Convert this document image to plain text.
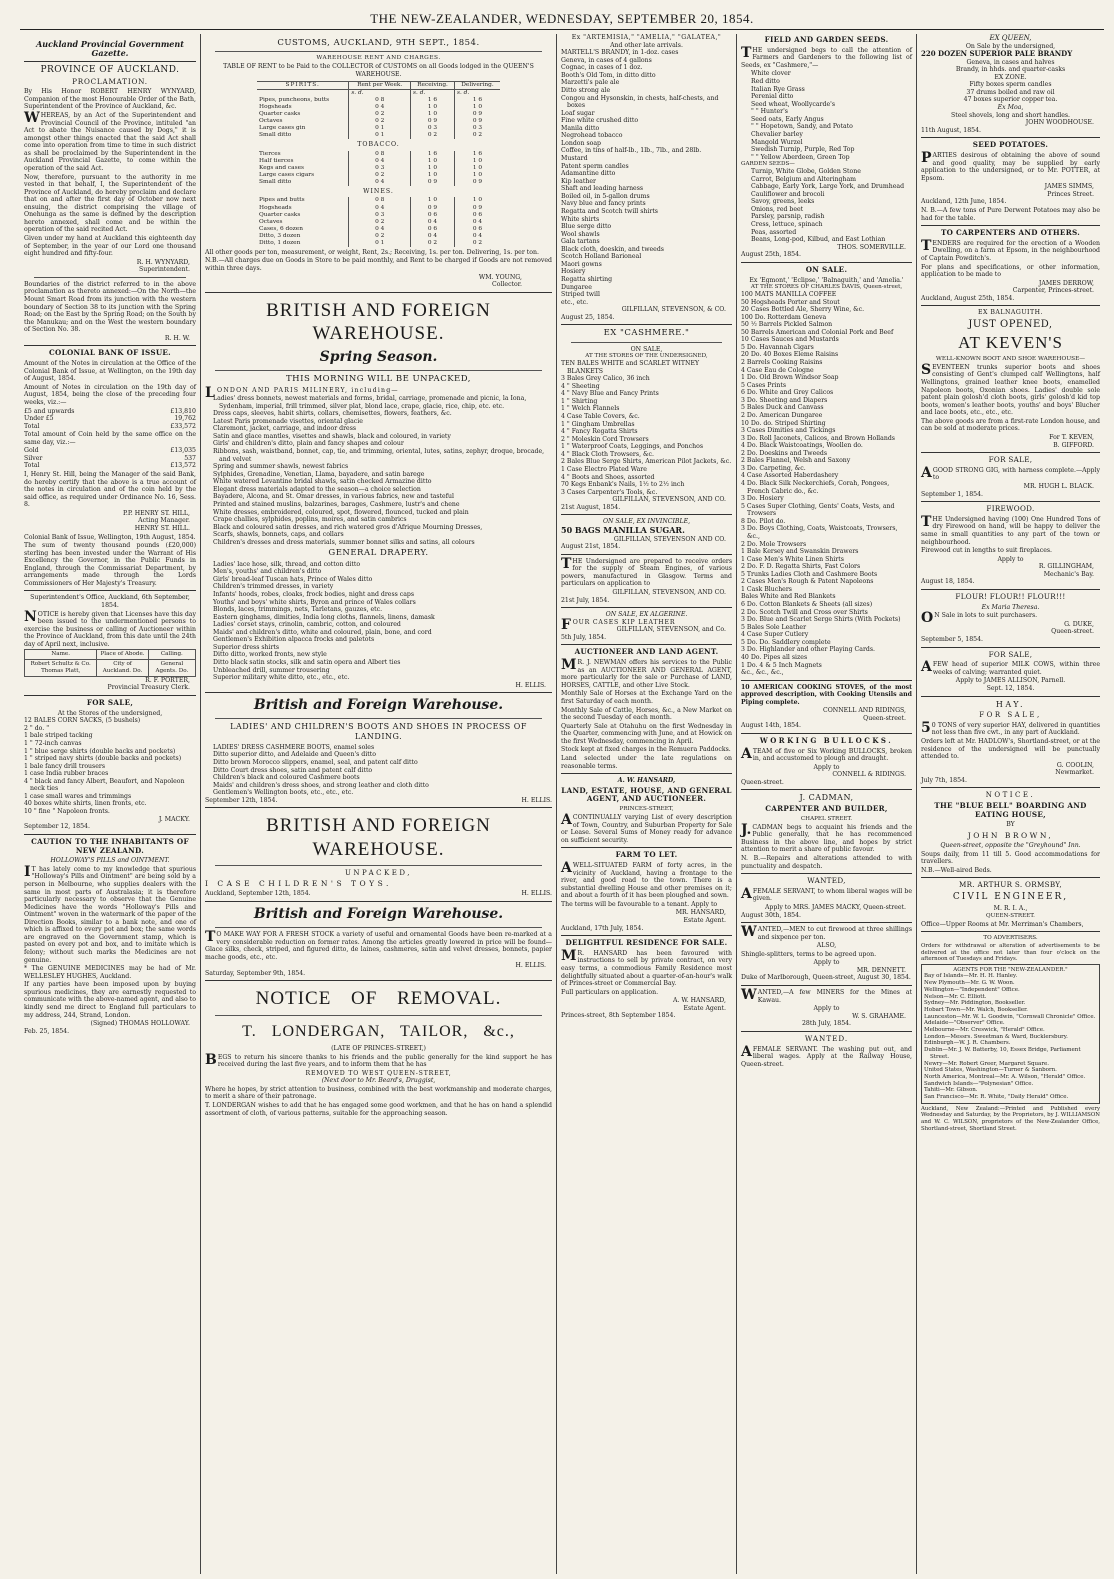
THE NEW-ZEALANDER, WEDNESDAY, SEPTEMBER 20, 1854.
Auckland Provincial Government Gazette.
PROVINCE OF AUCKLAND.
PROCLAMATION.

By His Honor ROBERT HENRY WYNYARD, Companion of the most Honourable Order of the Bath, Superintendent of the Province of Auckland, &c.

WHEREAS, by an Act of the Superintendent and Provincial Council of the Province, intituled "an Act to abate the Nuisance caused by Dogs," it is amongst other things enacted that the said Act shall come into operation from time to time in such district as shall be proclaimed by the Superintendent in the Auckland Provincial Gazette, to come within the operation of the said Act.

Now, therefore, pursuant to the authority in me vested in that behalf, I, the Superintendent of the Province of Auckland, do hereby proclaim and declare that on and after the first day of October now next ensuing, the district comprising the village of Onehunga as the same is defined by the description hereto annexed, shall come and be within the operation of the said recited Act.

Given under my hand at Auckland this eighteenth day of September, in the year of our Lord one thousand eight hundred and fifty-four.

R. H. WYNYARD,
Superintendent.

Boundaries of the district referred to in the above proclamation as thereto annexed:—On the North—the Mount Smart Road from its junction with the western boundary of Section 38 to its junction with the Spring Road; on the East by the Spring Road; on the South by the Manukau; and on the West the western boundary of Section No. 38.

R. H. W.
COLONIAL BANK OF ISSUE.

Amount of the Notes in circulation at the Office of the Colonial Bank of Issue, at Wellington, on the 19th day of August, 1854.

Amount of Notes in circulation on the 19th day of August, 1854, being the close of the preceding four weeks, viz.:—

£5 and upwards	£13,810
Under £5	19,762
Total	£33,572

Total amount of Coin held by the same office on the same day, viz.:—

Gold	£13,035
Silver	537
Total	£13,572

I, Henry St. Hill, being the Manager of the said Bank, do hereby certify that the above is a true account of the notes in circulation and of the coin held by the said office, as required under Ordinance No. 16, Sess. 8.

P.P. HENRY ST. HILL,
Acting Manager.
HENRY ST. HILL.

Colonial Bank of Issue, Wellington, 19th August, 1854.

The sum of twenty thousand pounds (£20,000) sterling has been invested under the Warrant of His Excellency the Governor, in the Public Funds in England, through the Commissariat Department, by arrangements made through the Lords Commissioners of Her Majesty's Treasury.

Superintendent's Office, Auckland, 6th September, 1854.

NOTICE is hereby given that Licenses have this day been issued to the undermentioned persons to exercise the business or calling of Auctioneer within the Province of Auckland, from this date until the 24th day of April next, inclusive.

Name.	Place of Abode.	Calling.
Robert Schultz & Co. Thomas Platt,	City of Auckland. Do.	General Agents. Do.
R. F. PORTER,
Provincial Treasury Clerk.
FOR SALE,
At the Stores of the undersigned,
12 BALES CORN SACKS, (5 bushels)
2 " do. "
1 bale striped tacking
1 " 72-inch canvas
1 " blue serge shirts (double backs and pockets)
1 " striped navy shirts (double backs and pockets)
1 bale fancy drill trousers
1 case India rubber braces
4 " black and fancy Albert, Beaufort, and Napoleon neck ties
1 case small wares and trimmings
40 boxes white shirts, linen fronts, etc.
10 " fine " Napoleon fronts.
J. MACKY.
September 12, 1854.
CAUTION TO THE INHABITANTS OF NEW ZEALAND.
HOLLOWAY'S PILLS and OINTMENT.

IT has lately come to my knowledge that spurious "Holloway's Pills and Ointment" are being sold by a person in Melbourne, who supplies dealers with the same in most parts of Australasia; it is therefore particularly necessary to observe that the Genuine Medicines have the words "Holloway's Pills and Ointment" woven in the watermark of the paper of the Direction Books, similar to a bank note, and one of which is affixed to every pot and box; the same words are engraved on the Government stamp, which is pasted on every pot and box, and to imitate which is felony; without such marks the Medicines are not genuine.

* The GENUINE MEDICINES may be had of Mr. WELLESLEY HUGHES, Auckland.

If any parties have been imposed upon by buying spurious medicines, they are earnestly requested to communicate with the above-named agent, and also to kindly send me direct to England full particulars to my address, 244, Strand, London.

(Signed) THOMAS HOLLOWAY.
Feb. 25, 1854.
CUSTOMS, AUCKLAND, 9TH SEPT., 1854.
WAREHOUSE RENT AND CHARGES.

TABLE OF RENT to be Paid to the COLLECTOR of CUSTOMS on all Goods lodged in the QUEEN'S WAREHOUSE.

SPIRITS.	Rent per Week.	Receiving.	Delivering.
	s. d.	s. d.	s. d.
Pipes, puncheons, butts	0 8	1 6	1 6
Hogsheads	0 4	1 0	1 0
Quarter casks	0 2	1 0	0 9
Octaves	0 2	0 9	0 9
Large cases gin	0 1	0 3	0 3
Small ditto	0 1	0 2	0 2
TOBACCO.			
Tierces	0 8	1 6	1 6
Half tierces	0 4	1 0	1 0
Kegs and cases	0 3	1 0	1 0
Large cases cigars	0 2	1 0	1 0
Small ditto	0 4	0 9	0 9
WINES.			
Pipes and butts	0 8	1 0	1 0
Hogsheads	0 4	0 9	0 9
Quarter casks	0 3	0 6	0 6
Octaves	0 2	0 4	0 4
Cases, 6 dozen	0 4	0 6	0 6
Ditto, 3 dozen	0 2	0 4	0 4
Ditto, 1 dozen	0 1	0 2	0 2

All other goods per ton, measurement, or weight, Rent, 2s.; Receiving, 1s. per ton. Delivering, 1s. per ton.

N.B.—All charges due on Goods in Store to be paid monthly, and Rent to be charged if Goods are not removed within three days.

WM. YOUNG,
Collector.
BRITISH AND FOREIGN WAREHOUSE.
Spring Season.
THIS MORNING WILL BE UNPACKED,

LONDON AND PARIS MILINERY, including—

Ladies' dress bonnets, newest materials and forms, bridal, carriage, promenade and picnic, la Iona, Sydenham, imperial, frill trimmed, silver plat, blond lace, crape, glacie, rice, chip, etc. etc.
Dress caps, sleeves, habit shirts, collars, chemisettes, flowers, feathers, &c.
Latest Paris promenade visettes, oriental glacie
Claremont, jacket, carriage, and indoor dress
Satin and glace mantles, visettes and shawls, black and coloured, in variety
Girls' and children's ditto, plain and fancy shapes and colour
Ribbons, sash, waistband, bonnet, cap, tie, and trimming, oriental, lutes, satins, zephyr, droque, brocade, and velvet
Spring and summer shawls, newest fabrics
Sylphides, Grenadine, Venetian, Llama, bayadere, and satin barege
White watered Levantine bridal shawls, satin checked Armazine ditto
Elegant dress materials adapted to the season—a choice selection
Bayadere, Alcona, and St. Omar dresses, in various fabrics, new and tasteful
Printed and stained muslins, balzarines, barages, Cashmere, lustr's and chene
White dresses, embroidered, coloured, spot, flowered, flounced, tucked and plain
Crape challies, sylphides, poplins, moires, and satin cambrics
Black and coloured satin dresses, and rich watered gros d'Afrique Mourning Dresses,
Scarfs, shawls, bonnets, caps, and collars
Children's dresses and dress materials, summer bonnet silks and satins, all colours
GENERAL DRAPERY.
Ladies' lace hose, silk, thread, and cotton ditto
Men's, youths' and children's ditto
Girls' bread-leaf Tuscan hats, Prince of Wales ditto
Children's trimmed dresses, in variety
Infants' hoods, robes, cloaks, frock bodies, night and dress caps
Youths' and boys' white shirts, Byron and prince of Wales collars
Blonds, laces, trimmings, nets, Tarletans, gauzes, etc.
Eastern ginghams, dimities, India long cloths, flannels, linens, damask
Ladies' corset stays, crinolin, cambric, cotton, and coloured
Maids' and children's ditto, white and coloured, plain, bone, and cord
Gentlemen's Exhibition alpacca frocks and paletots
Superior dress shirts
Ditto ditto, worked fronts, new style
Ditto black satin stocks, silk and satin opera and Albert ties
Unbleached drill, summer trousering
Superior military white ditto, etc., etc., etc.
H. ELLIS.
British and Foreign Warehouse.
LADIES' AND CHILDREN'S BOOTS AND SHOES IN PROCESS OF LANDING.
LADIES' DRESS CASHMERE BOOTS, enamel soles
Ditto superior ditto, and Adelaide and Queen's ditto
Ditto brown Morocco slippers, enamel, seal, and patent calf ditto
Ditto Court dress shoes, satin and patent calf ditto
Children's black and coloured Cashmere boots
Maids' and children's dress shoes, and strong leather and cloth ditto
Gentlemen's Wellington boots, etc., etc., etc.
September 12th, 1854.	H. ELLIS.
BRITISH AND FOREIGN WAREHOUSE.
UNPACKED,
I CASE CHILDREN'S TOYS.
Auckland, September 12th, 1854.	H. ELLIS.
British and Foreign Warehouse.

TO MAKE WAY FOR A FRESH STOCK a variety of useful and ornamental Goods have been re-marked at a very considerable reduction on former rates. Among the articles greatly lowered in price will be found—Glace silks, check, striped, and figured ditto, de laines, cashmeres, satin and velvet dresses, bonnets, papier mache goods, etc., etc.

H. ELLIS.
Saturday, September 9th, 1854.
NOTICE OF REMOVAL.
T. LONDERGAN, TAILOR, &c.,
(LATE OF PRINCES-STREET,)

BEGS to return his sincere thanks to his friends and the public generally for the kind support he has received during the last five years, and to inform them that he has

REMOVED TO WEST QUEEN-STREET,
(Next door to Mr. Beard's, Druggist,

Where he hopes, by strict attention to business, combined with the best workmanship and moderate charges, to merit a share of their patronage.

T. LONDERGAN wishes to add that he has engaged some good workmen, and that he has on hand a splendid assortment of cloth, of various patterns, suitable for the approaching season.

Ex "ARTEMISIA," "AMELIA," "GALATEA,"
And other late arrivals.
MARTELL'S BRANDY, in 1-doz. cases
Geneva, in cases of 4 gallons
Cognac, in cases of 1 doz.
Booth's Old Tom, in ditto ditto
Marzetti's pale ale
Ditto strong ale
Congou and Hysonskin, in chests, half-chests, and boxes
Loaf sugar
Fine white crushed ditto
Manila ditto
Negrohead tobacco
London soap
Coffee, in tins of half-lb., 1lb., 7lb., and 28lb.
Mustard
Patent sperm candles
Adamantine ditto
Kip leather
Shaft and leading harness
Boiled oil, in 5-gallon drums
Navy blue and fancy prints
Regatta and Scotch twill shirts
White shirts
Blue serge ditto
Wool shawls
Gala tartans
Black cloth, doeskin, and tweeds
Scotch Holland Barioneal
Maori gowns
Hosiery
Regatta shirting
Dungaree
Striped twill
etc., etc.
GILFILLAN, STEVENSON, & CO.
August 25, 1854.
EX "CASHMERE."
ON SALE,
AT THE STORES OF THE UNDERSIGNED,
TEN BALES WHITE and SCARLET WITNEY BLANKETS
3 Bales Grey Calico, 36 inch
4 " Sheeting
4 " Navy Blue and Fancy Prints
1 " Shirting
1 " Welch Flannels
4 Case Table Covers, &c.
1 " Gingham Umbrellas
4 " Fancy Regatta Shirts
2 " Moleskin Cord Trowsers
1 " Waterproof Coats, Leggings, and Ponchos
4 " Black Cloth Trowsers, &c.
2 Bales Blue Serge Shirts, American Pilot Jackets, &c.
1 Case Electro Plated Ware
4 " Boots and Shoes, assorted
70 Kegs Enbank's Nails, 1½ to 2½ inch
3 Cases Carpenter's Tools, &c.
GILFILLAN, STEVENSON, AND CO.
21st August, 1854.
ON SALE, EX INVINCIBLE,
50 BAGS MANILLA SUGAR.
GILFILLAN, STEVENSON AND CO.
August 21st, 1854.

THE Undersigned are prepared to receive orders for the supply of Steam Engines, of various powers, manufactured in Glasgow. Terms and particulars on application to

GILFILLAN, STEVENSON, AND CO.
21st July, 1854.
ON SALE, EX ALGERINE.
FOUR CASES KIP LEATHER
GILFILLAN, STEVENSON, and Co.
5th July, 1854.
AUCTIONEER AND LAND AGENT.

MR. J. NEWMAN offers his services to the Public as an AUCTIONEER AND GENERAL AGENT, more particularly for the sale or Purchase of LAND, HORSES, CATTLE, and other Live Stock.

Monthly Sale of Horses at the Exchange Yard on the first Saturday of each month.

Monthly Sale of Cattle, Horses, &c., a New Market on the second Tuesday of each month.

Quarterly Sale at Otahuhu on the first Wednesday in the Quarter, commencing with June, and at Howick on the first Wednesday, commencing in April.

Stock kept at fixed charges in the Remuera Paddocks.

Land selected under the late regulations on reasonable terms.

A. W. HANSARD,
LAND, ESTATE, HOUSE, AND GENERAL AGENT, AND AUCTIONEER.
PRINCES-STREET,

ACONTINUALLY varying List of every description of Town, Country, and Suburban Property for Sale or Lease. Several Sums of Money ready for advance on sufficient security.

FARM TO LET.

AWELL-SITUATED FARM of forty acres, in the vicinity of Auckland, having a frontage to the river, and good road to the town. There is a substantial dwelling House and other premises on it; and about a fourth of it has been ploughed and sown.

The terms will be favourable to a tenant. Apply to

MR. HANSARD,
Estate Agent.
Auckland, 17th July, 1854.
DELIGHTFUL RESIDENCE FOR SALE.

MR. HANSARD has been favoured with instructions to sell by private contract, on very easy terms, a commodious Family Residence most delightfully situated about a quarter-of-an-hour's walk of Princes-street or Commercial Bay.

Full particulars on application.

A. W. HANSARD,
Estate Agent.
Princes-street, 8th September 1854.
FIELD AND GARDEN SEEDS.

THE undersigned begs to call the attention of Farmers and Gardeners to the following list of Seeds, ex "Cashmere,"—

White clover
Red ditto
Italian Rye Grass
Perenial ditto
Seed wheat, Woollycarde's
" " Hunter's
Seed oats, Early Angus
" " Hopetown, Sandy, and Potato
Chevalier barley
Mangold Wurzel
Swedish Turnip, Purple, Red Top
" " Yellow Aberdeen, Green Top
GARDEN SEEDS—
Turnip, White Globe, Golden Stone
Carrot, Belgium and Alteringham
Cabbage, Early York, Large York, and Drumhead
Cauliflower and brocoli
Savoy, greens, leeks
Onions, red beet
Parsley, parsnip, radish
Cress, lettuce, spinach
Peas, assorted
Beans, Long-pod, Kilbud, and East Lothian
THOS. SOMERVILLE.
August 25th, 1854.
ON SALE.
Ex 'Egmont,' 'Eclipse,' 'Balnaguith,' and 'Amelia.'
AT THE STORES OF CHARLES DAVIS, Queen-street,
100 MATS MANILLA COFFEE
50 Hogsheads Porter and Stout
20 Cases Bottled Ale, Sherry Wine, &c.
100 Do. Rotterdam Geneva
50 ½ Barrels Pickled Salmon
50 Barrels American and Colonial Pork and Beef
10 Cases Sauces and Mustards
5 Do. Havannah Cigars
20 Do. 40 Boxes Eleme Raisins
2 Barrels Cooking Raisins
4 Case Eau de Cologne
1 Do. Old Brown Windsor Soap
5 Cases Prints
6 Do. White and Grey Calicos
3 Do. Sheeting and Diapers
5 Bales Duck and Canvass
2 Do. American Dungaree
10 Do. do. Striped Shirting
3 Cases Dimities and Tickings
3 Do. Roll Jaconets, Calicos, and Brown Hollands
4 Do. Black Waistcoatings, Woollen do.
2 Do. Doeskins and Tweeds
2 Bales Flannel, Welsh and Saxony
3 Do. Carpeting, &c.
4 Case Assorted Haberdashery
4 Do. Black Silk Neckerchiefs, Corah, Pongees, French Cabric do., &c.
3 Do. Hosiery
5 Cases Super Clothing, Gents' Coats, Vests, and Trowsers
8 Do. Pilot do.
3 Do. Boys Clothing, Coats, Waistcoats, Trowsers, &c.,
2 Do. Mole Trowsers
1 Bale Kersey and Swanskin Drawers
1 Case Men's White Linen Shirts
2 Do. F. D. Regatta Shirts, Fast Colors
5 Trunks Ladies Cloth and Cashmere Boots
2 Cases Men's Rough & Patent Napoleons
1 Cask Bluchers
Bales White and Red Blankets
6 Do. Cotton Blankets & Sheets (all sizes)
2 Do. Scotch Twill and Cross over Shirts
3 Do. Blue and Scarlet Serge Shirts (With Pockets)
5 Bales Sole Leather
4 Case Super Cutlery
5 Do. Do. Saddlery complete
3 Do. Highlander and other Playing Cards.
40 Do. Pipes all sizes
1 Do. 4 & 5 Inch Magnets
&c., &c., &c.,

10 AMERICAN COOKING STOVES, of the most approved description, with Cooking Utensils and Piping complete.

CONNELL AND RIDINGS,
Queen-street.
August 14th, 1854.
WORKING BULLOCKS.

ATEAM of five or Six Working BULLOCKS, broken in, and accustomed to plough and draught.

Apply to
CONNELL & RIDINGS.
Queen-street.
J. CADMAN,
CARPENTER AND BUILDER,
CHAPEL STREET.

J.CADMAN begs to acquaint his friends and the Public generally, that he has recommenced Business in the above line, and hopes by strict attention to merit a share of public favour.

N. B.—Repairs and alterations attended to with punctuality and despatch.

WANTED,

AFEMALE SERVANT, to whom liberal wages will be given.

Apply to MRS. JAMES MACKY, Queen-street.
August 30th, 1854.

WANTED,—MEN to cut firewood at three shillings and sixpence per ton.

ALSO,

Shingle-splitters, terms to be agreed upon.

Apply to
MR. DENNETT.
Duke of Marlborough, Queen-street, August 30, 1854.

WANTED,—A few MINERS for the Mines at Kawau.

Apply to
W. S. GRAHAME.
28th July, 1854.
WANTED.

AFEMALE SERVANT. The washing put out, and liberal wages. Apply at the Railway House, Queen-street.

EX QUEEN,
On Sale by the undersigned,
220 DOZEN SUPERIOR PALE BRANDY
Geneva, in cases and halves
Brandy, in hhds. and quarter-casks
EX ZONE.
Fifty boxes sperm candles
37 drums boiled and raw oil
47 boxes superior copper tea.
Ex Moa,
Steel shovels, long and short handles.
JOHN WOODHOUSE.
11th August, 1854.
SEED POTATOES.

PARTIES desirous of obtaining the above of sound and good quality, may be supplied by early application to the undersigned, or to Mr. POTTER, at Epsom.

JAMES SIMMS,
Princes Street.
Auckland, 12th June, 1854.

N. B.—A few tons of Pure Derwent Potatoes may also be had for the table.

TO CARPENTERS AND OTHERS.

TENDERS are required for the erection of a Wooden Dwelling, on a farm at Epsom, in the neighbourhood of Captain Powditch's.

For plans and specifications, or other information, application to be made to

JAMES DERROW,
Carpenter, Princes-street.
Auckland, August 25th, 1854.
EX BALNAGUITH.
JUST OPENED,
AT KEVEN'S
WELL-KNOWN BOOT AND SHOE WAREHOUSE—

SEVENTEEN trunks superior boots and shoes consisting of Gent's clumped calf Wellingtons, half Wellingtons, grained leather knee boots, enamelled Napoleon boots, Oxonian shoes. Ladies' double sole patent plain golosh'd cloth boots, girls' golosh'd kid top boots, women's leather boots, youths' and boys' Blucher and lace boots, etc., etc., etc.

The above goods are from a first-rate London house, and can be sold at moderate prices.

For T. KEVEN,
B. GIFFORD.
FOR SALE,

AGOOD STRONG GIG, with harness complete.—Apply to

MR. HUGH L. BLACK.
September 1, 1854.
FIREWOOD.

THE Undersigned having (100) One Hundred Tons of dry Firewood on hand, will be happy to deliver the same in small quantities to any part of the town or neighbourhood.

Firewood cut in lengths to suit fireplaces.

Apply to
R. GILLINGHAM,
Mechanic's Bay.
August 18, 1854.
FLOUR! FLOUR!! FLOUR!!!
Ex Maria Theresa.

ON Sale in lots to suit purchasers.

G. DUKE,
Queen-street.
September 5, 1854.
FOR SALE,

AFEW head of superior MILK COWS, within three weeks of calving; warranted quiet.

Apply to JAMES ALLISON, Parnell.
Sept. 12, 1854.
HAY.
FOR SALE,

50 TONS of very superior HAY, delivered in quantities not less than five cwt., in any part of Auckland.

Orders left at Mr. HADLOW's, Shortland-street, or at the residence of the undersigned will be punctually attended to.

G. COOLIN,
Newmarket.
July 7th, 1854.
NOTICE.
THE "BLUE BELL" BOARDING AND EATING HOUSE,
BY
JOHN BROWN,
Queen-street, opposite the "Greyhound" Inn.

Soups daily, from 11 till 5. Good accommodations for travellers.

N.B.—Well-aired Beds.

MR. ARTHUR S. ORMSBY,
CIVIL ENGINEER,
M. R. I. A.,
QUEEN-STREET.

Office—Upper Rooms at Mr. Merriman's Chambers,

TO ADVERTISERS.

Orders for withdrawal or alteration of advertisements to be delivered at the office not later than four o'clock on the afternoon of Tuesdays and Fridays.

AGENTS FOR THE "NEW-ZEALANDER."
Bay of Islands—Mr. H. H. Hanley.
New Plymouth—Mr. G. W. Woon.
Wellington—"Independent" Office.
Nelson—Mr. C. Elliott.
Sydney—Mr. Piddington, Bookseller.
Hobart Town—Mr. Walch, Bookseller.
Launceston—Mr. W. L. Goodwin, "Cornwall Chronicle" Office.
Adelaide—"Observer" Office.
Melbourne—Mr. Creswick, "Herald" Office.
London—Messrs. Sweetman & Ward, Bucklersbury.
Edinburgh—W. J. R. Chambers.
Dublin—Mr. J. W. Batterby, 10, Essex Bridge, Parliament Street.
Newry—Mr. Robert Greer, Margaret Square.
United States, Washington—Turner & Sanborn.
North America, Montreal—Mr. A. Wilson, "Herald" Office.
Sandwich Islands—"Polynesian" Office.
Tahiti—Mr. Gibson.
San Francisco—Mr. R. White, "Daily Herald" Office.

Auckland, New Zealand:—Printed and Published every Wednesday and Saturday, by the Proprietors, by J. WILLIAMSON and W. C. WILSON, proprietors of the New-Zealander Office, Shortland-street, Shortland Street.
